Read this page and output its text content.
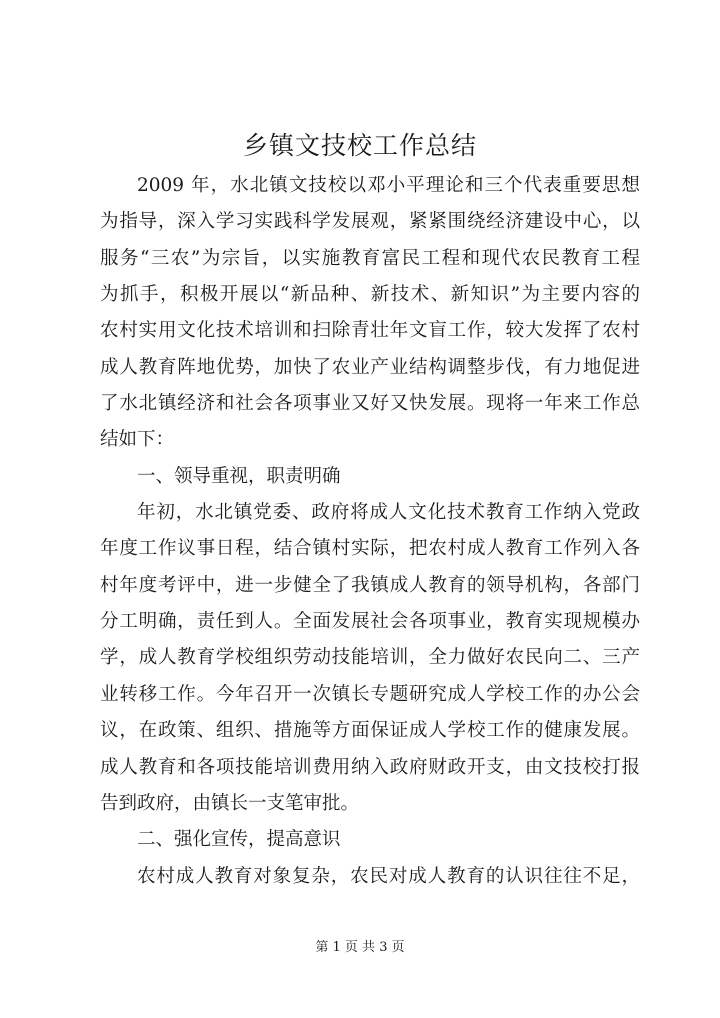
乡镇文技校工作总结
2009 年，水北镇文技校以邓小平理论和三个代表重要思想
为指导，深入学习实践科学发展观，紧紧围绕经济建设中心，以
服务“三农”为宗旨，以实施教育富民工程和现代农民教育工程
为抓手，积极开展以“新品种、新技术、新知识”为主要内容的
农村实用文化技术培训和扫除青壮年文盲工作，较大发挥了农村
成人教育阵地优势，加快了农业产业结构调整步伐，有力地促进
了水北镇经济和社会各项事业又好又快发展。现将一年来工作总
结如下：
一、领导重视，职责明确
年初，水北镇党委、政府将成人文化技术教育工作纳入党政
年度工作议事日程，结合镇村实际，把农村成人教育工作列入各
村年度考评中，进一步健全了我镇成人教育的领导机构，各部门
分工明确，责任到人。全面发展社会各项事业，教育实现规模办
学，成人教育学校组织劳动技能培训，全力做好农民向二、三产
业转移工作。今年召开一次镇长专题研究成人学校工作的办公会
议，在政策、组织、措施等方面保证成人学校工作的健康发展。
成人教育和各项技能培训费用纳入政府财政开支，由文技校打报
告到政府，由镇长一支笔审批。
二、强化宣传，提高意识
农村成人教育对象复杂，农民对成人教育的认识往往不足，
第 1 页 共 3 页
